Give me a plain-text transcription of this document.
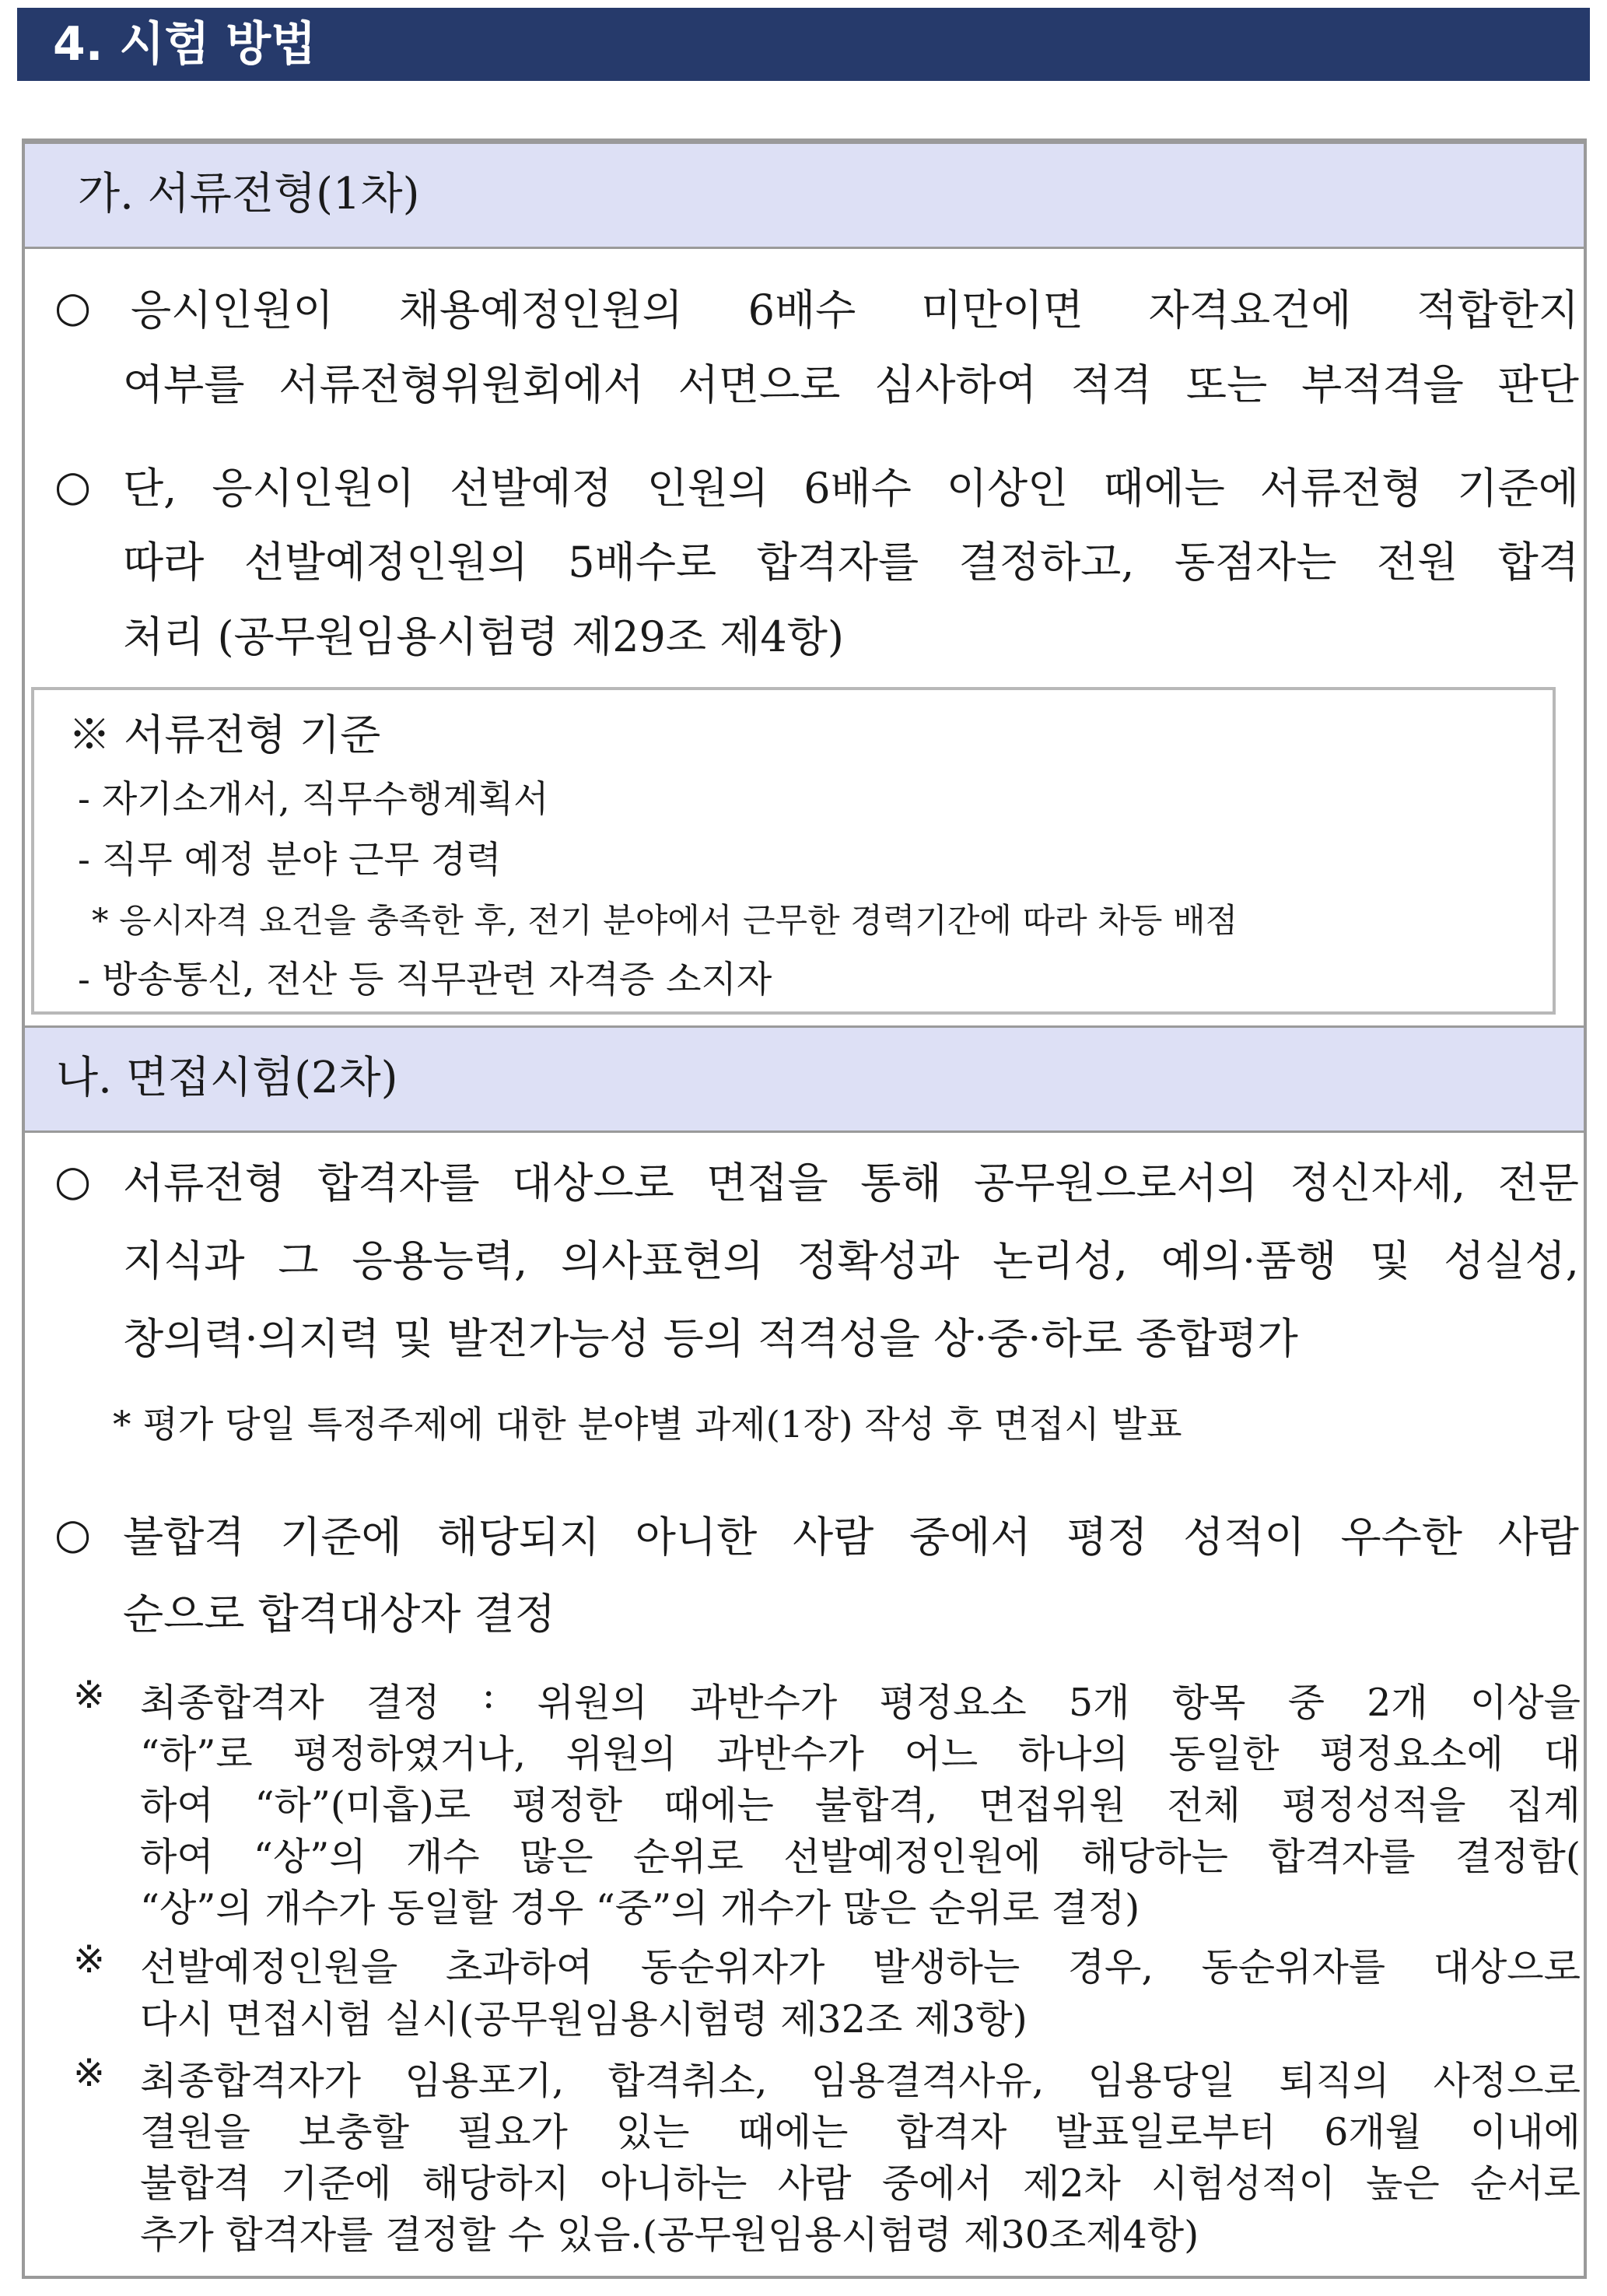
4. 시험 방법
가. 서류전형(1차)
○ 응시인원이 채용예정인원의 6배수 미만이면 자격요건에 적합한지
여부를 서류전형위원회에서 서면으로 심사하여 적격 또는 부적격을 판단
○ 단, 응시인원이 선발예정 인원의 6배수 이상인 때에는 서류전형 기준에
따라 선발예정인원의 5배수로 합격자를 결정하고, 동점자는 전원 합격
처리 (공무원임용시험령 제29조 제4항)
※ 서류전형 기준
- 자기소개서, 직무수행계획서
- 직무 예정 분야 근무 경력
* 응시자격 요건을 충족한 후, 전기 분야에서 근무한 경력기간에 따라 차등 배점
- 방송통신, 전산 등 직무관련 자격증 소지자
나. 면접시험(2차)
○ 서류전형 합격자를 대상으로 면접을 통해 공무원으로서의 정신자세, 전문
지식과 그 응용능력, 의사표현의 정확성과 논리성, 예의·품행 및 성실성,
창의력·의지력 및 발전가능성 등의 적격성을 상·중·하로 종합평가
* 평가 당일 특정주제에 대한 분야별 과제(1장) 작성 후 면접시 발표
○ 불합격 기준에 해당되지 아니한 사람 중에서 평정 성적이 우수한 사람
순으로 합격대상자 결정
※ 최종합격자 결정 : 위원의 과반수가 평정요소 5개 항목 중 2개 이상을
“하”로 평정하였거나, 위원의 과반수가 어느 하나의 동일한 평정요소에 대
하여 “하”(미흡)로 평정한 때에는 불합격, 면접위원 전체 평정성적을 집계
하여 “상”의 개수 많은 순위로 선발예정인원에 해당하는 합격자를 결정함(
“상”의 개수가 동일할 경우 “중”의 개수가 많은 순위로 결정)
※ 선발예정인원을 초과하여 동순위자가 발생하는 경우, 동순위자를 대상으로
다시 면접시험 실시(공무원임용시험령 제32조 제3항)
※ 최종합격자가 임용포기, 합격취소, 임용결격사유, 임용당일 퇴직의 사정으로
결원을 보충할 필요가 있는 때에는 합격자 발표일로부터 6개월 이내에
불합격 기준에 해당하지 아니하는 사람 중에서 제2차 시험성적이 높은 순서로
추가 합격자를 결정할 수 있음.(공무원임용시험령 제30조제4항)
